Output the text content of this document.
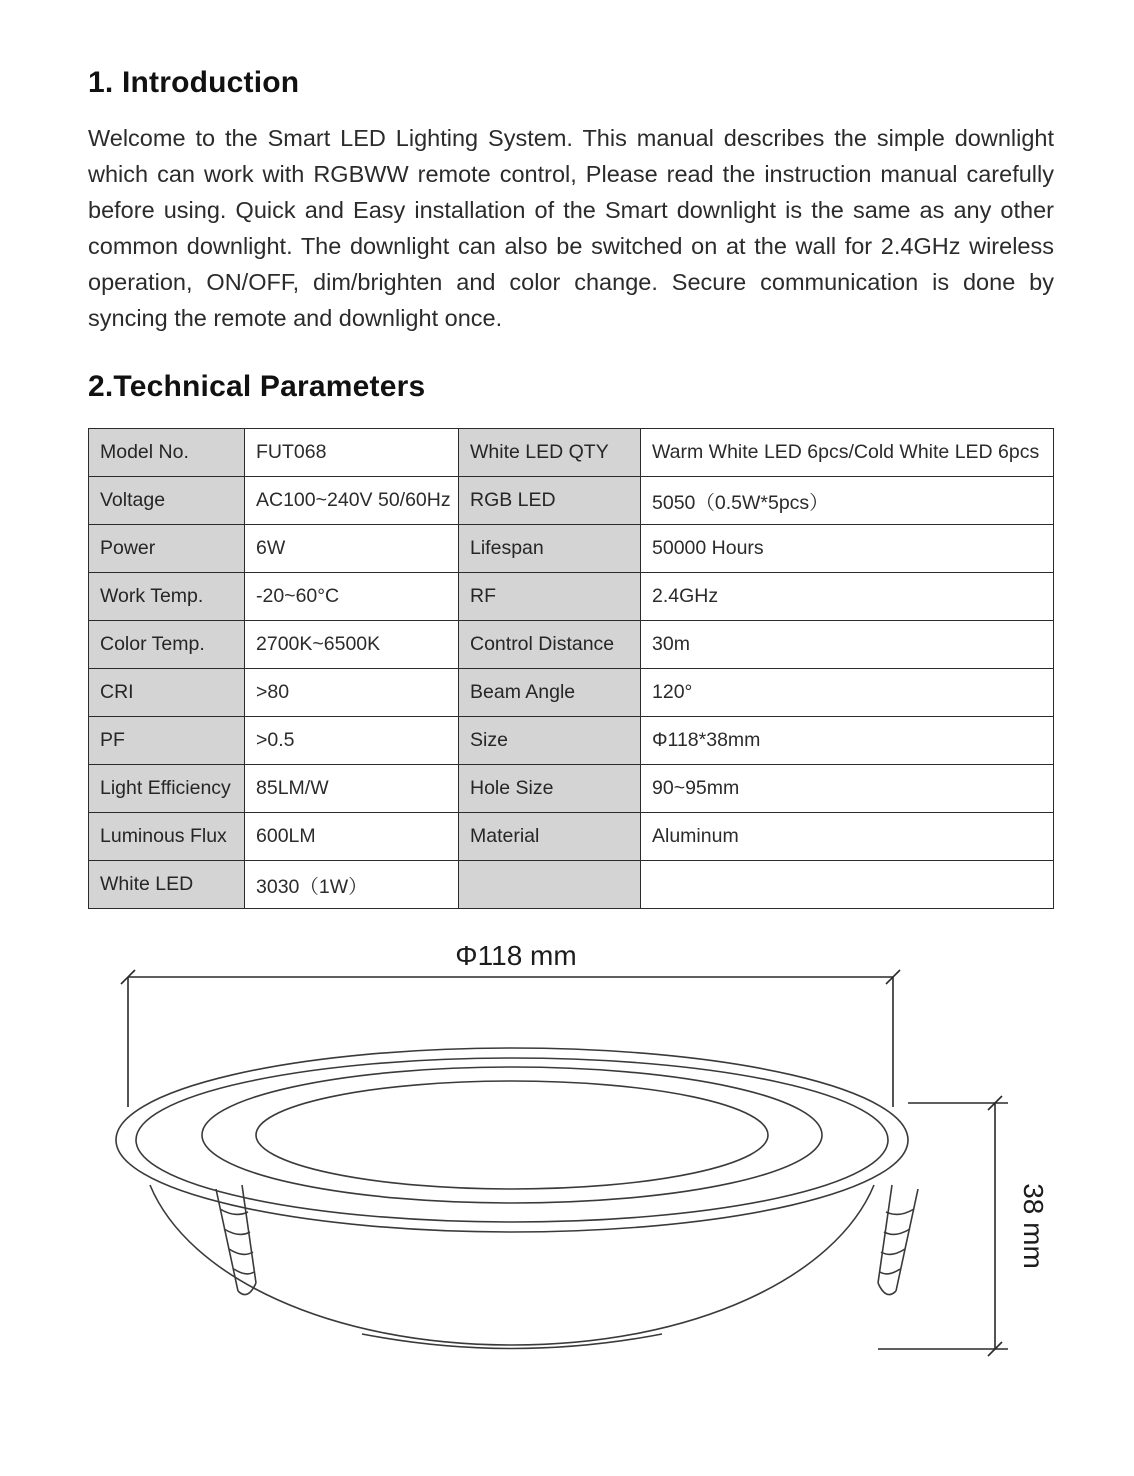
1. Introduction

Welcome to the Smart LED Lighting System. This manual describes the simple downlight which can work with RGBWW remote control, Please read the instruction manual carefully before using. Quick and Easy installation of the Smart downlight is the same as any other common downlight. The downlight can also be switched on at the wall for 2.4GHz wireless operation, ON/OFF, dim/brighten and color change. Secure communication is done by syncing the remote and downlight once.

2.Technical Parameters
Model No.	FUT068	White LED QTY	Warm White LED 6pcs/Cold White LED 6pcs
Voltage	AC100~240V 50/60Hz	RGB LED	5050（0.5W*5pcs）
Power	6W	Lifespan	50000 Hours
Work Temp.	-20~60°C	RF	2.4GHz
Color Temp.	2700K~6500K	Control Distance	30m
CRI	>80	Beam Angle	120°
PF	>0.5	Size	Φ118*38mm
Light Efficiency	85LM/W	Hole Size	90~95mm
Luminous Flux	600LM	Material	Aluminum
White LED	3030（1W）		
Φ118 mm
38 mm
